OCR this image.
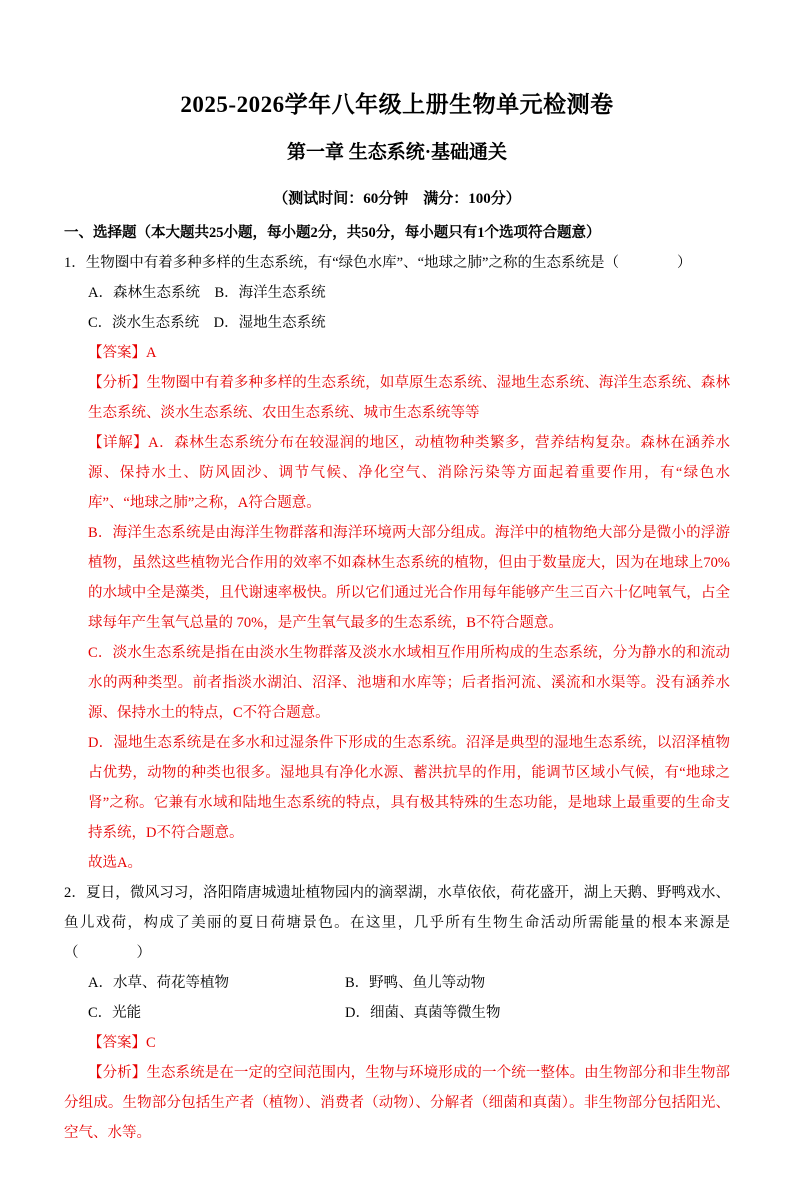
2025-2026学年八年级上册生物单元检测卷
第一章 生态系统·基础通关
（测试时间：60分钟　满分：100分）
一、选择题（本大题共25小题，每小题2分，共50分，每小题只有1个选项符合题意）
1．生物圈中有着多种多样的生态系统，有“绿色水库”、“地球之肺”之称的生态系统是（　　　　）
A．森林生态系统　B．海洋生态系统
C．淡水生态系统　D．湿地生态系统
【答案】A
【分析】生物圈中有着多种多样的生态系统，如草原生态系统、湿地生态系统、海洋生态系统、森林生态系统、淡水生态系统、农田生态系统、城市生态系统等等
【详解】A．森林生态系统分布在较湿润的地区，动植物种类繁多，营养结构复杂。森林在涵养水源、保持水土、防风固沙、调节气候、净化空气、消除污染等方面起着重要作用，有“绿色水库”、“地球之肺”之称，A符合题意。
B．海洋生态系统是由海洋生物群落和海洋环境两大部分组成。海洋中的植物绝大部分是微小的浮游植物，虽然这些植物光合作用的效率不如森林生态系统的植物，但由于数量庞大，因为在地球上70%的水域中全是藻类，且代谢速率极快。所以它们通过光合作用每年能够产生三百六十亿吨氧气，占全球每年产生氧气总量的 70%，是产生氧气最多的生态系统，B不符合题意。
C．淡水生态系统是指在由淡水生物群落及淡水水域相互作用所构成的生态系统，分为静水的和流动水的两种类型。前者指淡水湖泊、沼泽、池塘和水库等；后者指河流、溪流和水渠等。没有涵养水源、保持水土的特点，C不符合题意。
D．湿地生态系统是在多水和过湿条件下形成的生态系统。沼泽是典型的湿地生态系统，以沼泽植物占优势，动物的种类也很多。湿地具有净化水源、蓄洪抗旱的作用，能调节区域小气候，有“地球之肾”之称。它兼有水域和陆地生态系统的特点，具有极其特殊的生态功能，是地球上最重要的生命支持系统，D不符合题意。
故选A。
2．夏日，微风习习，洛阳隋唐城遗址植物园内的滴翠湖，水草依依，荷花盛开，湖上天鹅、野鸭戏水、鱼儿戏荷，构成了美丽的夏日荷塘景色。在这里，几乎所有生物生命活动所需能量的根本来源是（　　　　）
A．水草、荷花等植物	B．野鸭、鱼儿等动物
C．光能	D．细菌、真菌等微生物
【答案】C
【分析】生态系统是在一定的空间范围内，生物与环境形成的一个统一整体。由生物部分和非生物部分组成。生物部分包括生产者（植物）、消费者（动物）、分解者（细菌和真菌）。非生物部分包括阳光、空气、水等。
